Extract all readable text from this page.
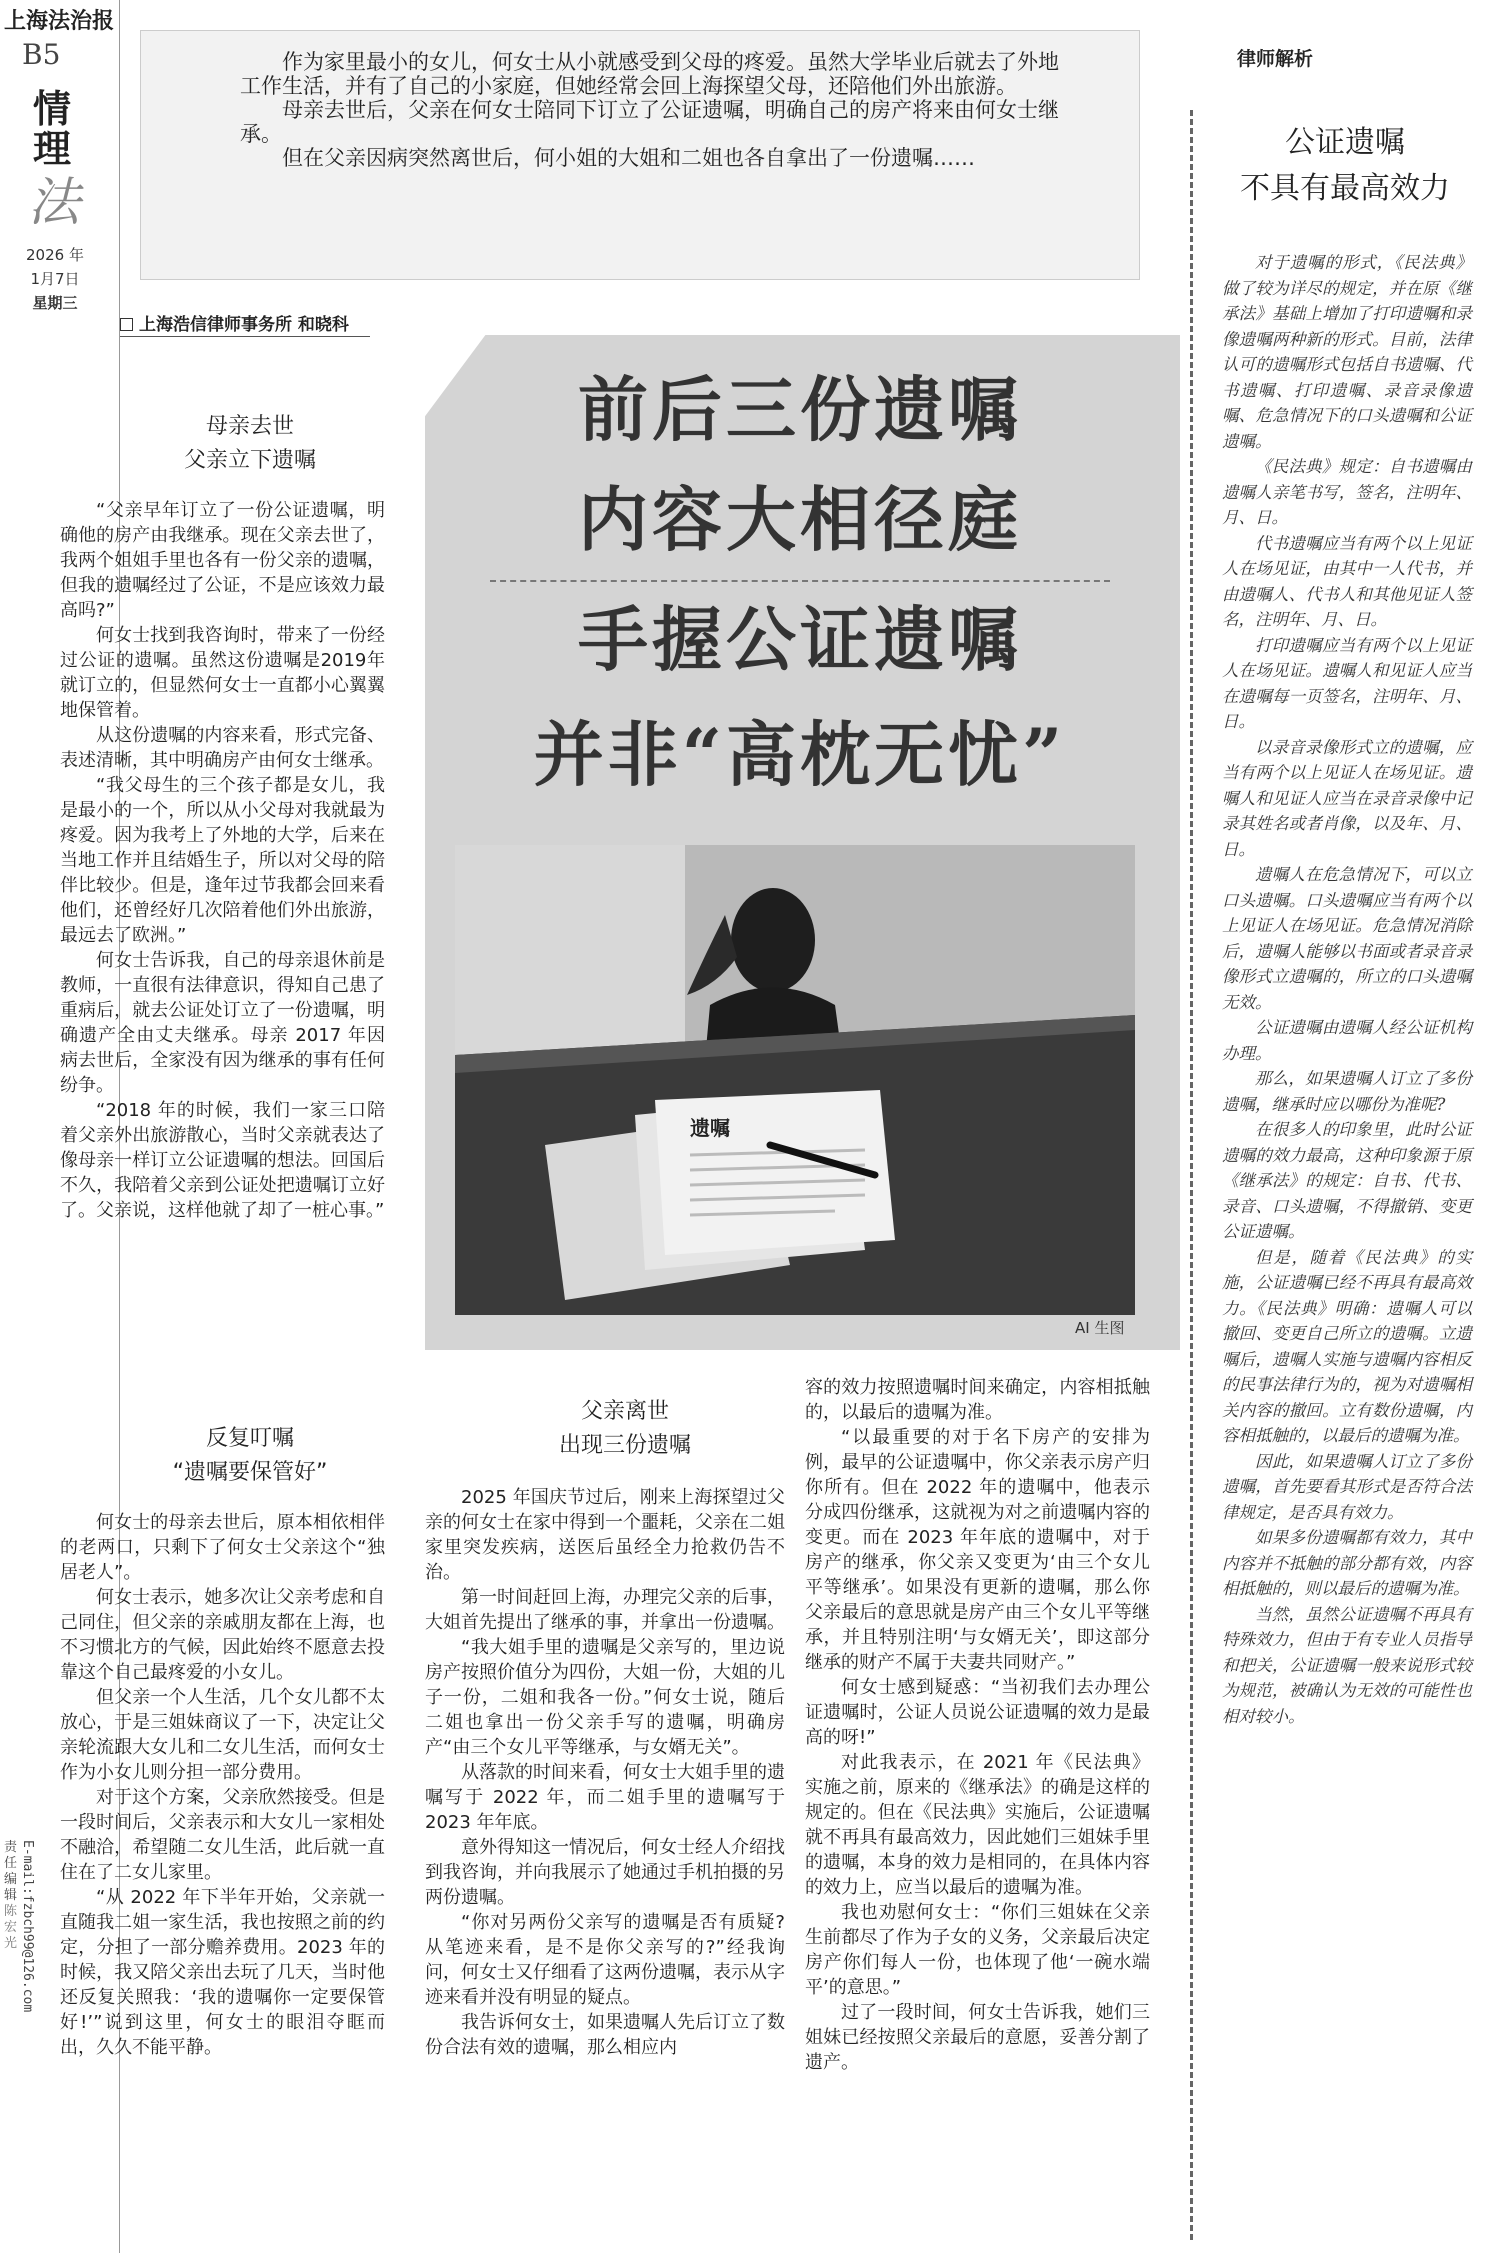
上海法治报
B5
情
理
法
2026 年
1月7日
星期三
责任编辑
陈宏光 E-mail:fzbch99@126.com

作为家里最小的女儿，何女士从小就感受到父母的疼爱。虽然大学毕业后就去了外地工作生活，并有了自己的小家庭，但她经常会回上海探望父母，还陪他们外出旅游。

母亲去世后，父亲在何女士陪同下订立了公证遗嘱，明确自己的房产将来由何女士继承。

但在父亲因病突然离世后，何小姐的大姐和二姐也各自拿出了一份遗嘱……

上海浩信律师事务所 和晓科
前后三份遗嘱
内容大相径庭
手握公证遗嘱
并非“高枕无忧”
遗嘱
AI 生图
母亲去世
父亲立下遗嘱

“父亲早年订立了一份公证遗嘱，明确他的房产由我继承。现在父亲去世了，我两个姐姐手里也各有一份父亲的遗嘱，但我的遗嘱经过了公证，不是应该效力最高吗?”

何女士找到我咨询时，带来了一份经过公证的遗嘱。虽然这份遗嘱是2019年就订立的，但显然何女士一直都小心翼翼地保管着。

从这份遗嘱的内容来看，形式完备、表述清晰，其中明确房产由何女士继承。

“我父母生的三个孩子都是女儿，我是最小的一个，所以从小父母对我就最为疼爱。因为我考上了外地的大学，后来在当地工作并且结婚生子，所以对父母的陪伴比较少。但是，逢年过节我都会回来看他们，还曾经好几次陪着他们外出旅游，最远去了欧洲。”

何女士告诉我，自己的母亲退休前是教师，一直很有法律意识，得知自己患了重病后，就去公证处订立了一份遗嘱，明确遗产全由丈夫继承。母亲 2017 年因病去世后，全家没有因为继承的事有任何纷争。

“2018 年的时候，我们一家三口陪着父亲外出旅游散心，当时父亲就表达了像母亲一样订立公证遗嘱的想法。回国后不久，我陪着父亲到公证处把遗嘱订立好了。父亲说，这样他就了却了一桩心事。”

反复叮嘱
“遗嘱要保管好”

何女士的母亲去世后，原本相依相伴的老两口，只剩下了何女士父亲这个“独居老人”。

何女士表示，她多次让父亲考虑和自己同住，但父亲的亲戚朋友都在上海，也不习惯北方的气候，因此始终不愿意去投靠这个自己最疼爱的小女儿。

但父亲一个人生活，几个女儿都不太放心，于是三姐妹商议了一下，决定让父亲轮流跟大女儿和二女儿生活，而何女士作为小女儿则分担一部分费用。

对于这个方案，父亲欣然接受。但是一段时间后，父亲表示和大女儿一家相处不融洽，希望随二女儿生活，此后就一直住在了二女儿家里。

“从 2022 年下半年开始，父亲就一直随我二姐一家生活，我也按照之前的约定，分担了一部分赡养费用。2023 年的时候，我又陪父亲出去玩了几天，当时他还反复关照我：‘我的遗嘱你一定要保管好!’”说到这里，何女士的眼泪夺眶而出，久久不能平静。

父亲离世
出现三份遗嘱

2025 年国庆节过后，刚来上海探望过父亲的何女士在家中得到一个噩耗，父亲在二姐家里突发疾病，送医后虽经全力抢救仍告不治。

第一时间赶回上海，办理完父亲的后事，大姐首先提出了继承的事，并拿出一份遗嘱。

“我大姐手里的遗嘱是父亲写的，里边说房产按照价值分为四份，大姐一份，大姐的儿子一份，二姐和我各一份。”何女士说，随后二姐也拿出一份父亲手写的遗嘱，明确房产“由三个女儿平等继承，与女婿无关”。

从落款的时间来看，何女士大姐手里的遗嘱写于 2022 年，而二姐手里的遗嘱写于 2023 年年底。

意外得知这一情况后，何女士经人介绍找到我咨询，并向我展示了她通过手机拍摄的另两份遗嘱。

“你对另两份父亲写的遗嘱是否有质疑? 从笔迹来看，是不是你父亲写的?”经我询问，何女士又仔细看了这两份遗嘱，表示从字迹来看并没有明显的疑点。

我告诉何女士，如果遗嘱人先后订立了数份合法有效的遗嘱，那么相应内

容的效力按照遗嘱时间来确定，内容相抵触的，以最后的遗嘱为准。

“以最重要的对于名下房产的安排为例，最早的公证遗嘱中，你父亲表示房产归你所有。但在 2022 年的遗嘱中，他表示分成四份继承，这就视为对之前遗嘱内容的变更。而在 2023 年年底的遗嘱中，对于房产的继承，你父亲又变更为‘由三个女儿平等继承’。如果没有更新的遗嘱，那么你父亲最后的意思就是房产由三个女儿平等继承，并且特别注明‘与女婿无关’，即这部分继承的财产不属于夫妻共同财产。”

何女士感到疑惑：“当初我们去办理公证遗嘱时，公证人员说公证遗嘱的效力是最高的呀!”

对此我表示，在 2021 年《民法典》实施之前，原来的《继承法》的确是这样的规定的。但在《民法典》实施后，公证遗嘱就不再具有最高效力，因此她们三姐妹手里的遗嘱，本身的效力是相同的，在具体内容的效力上，应当以最后的遗嘱为准。

我也劝慰何女士：“你们三姐妹在父亲生前都尽了作为子女的义务，父亲最后决定房产你们每人一份，也体现了他‘一碗水端平’的意思。”

过了一段时间，何女士告诉我，她们三姐妹已经按照父亲最后的意愿，妥善分割了遗产。

律师解析
公证遗嘱
不具有最高效力

对于遗嘱的形式，《民法典》做了较为详尽的规定，并在原《继承法》基础上增加了打印遗嘱和录像遗嘱两种新的形式。目前，法律认可的遗嘱形式包括自书遗嘱、代书遗嘱、打印遗嘱、录音录像遗嘱、危急情况下的口头遗嘱和公证遗嘱。

《民法典》规定：自书遗嘱由遗嘱人亲笔书写，签名，注明年、月、日。

代书遗嘱应当有两个以上见证人在场见证，由其中一人代书，并由遗嘱人、代书人和其他见证人签名，注明年、月、日。

打印遗嘱应当有两个以上见证人在场见证。遗嘱人和见证人应当在遗嘱每一页签名，注明年、月、日。

以录音录像形式立的遗嘱，应当有两个以上见证人在场见证。遗嘱人和见证人应当在录音录像中记录其姓名或者肖像，以及年、月、日。

遗嘱人在危急情况下，可以立口头遗嘱。口头遗嘱应当有两个以上见证人在场见证。危急情况消除后，遗嘱人能够以书面或者录音录像形式立遗嘱的，所立的口头遗嘱无效。

公证遗嘱由遗嘱人经公证机构办理。

那么，如果遗嘱人订立了多份遗嘱，继承时应以哪份为准呢?

在很多人的印象里，此时公证遗嘱的效力最高，这种印象源于原《继承法》的规定：自书、代书、录音、口头遗嘱，不得撤销、变更公证遗嘱。

但是，随着《民法典》的实施，公证遗嘱已经不再具有最高效力。《民法典》明确：遗嘱人可以撤回、变更自己所立的遗嘱。立遗嘱后，遗嘱人实施与遗嘱内容相反的民事法律行为的，视为对遗嘱相关内容的撤回。立有数份遗嘱，内容相抵触的，以最后的遗嘱为准。

因此，如果遗嘱人订立了多份遗嘱，首先要看其形式是否符合法律规定，是否具有效力。

如果多份遗嘱都有效力，其中内容并不抵触的部分都有效，内容相抵触的，则以最后的遗嘱为准。

当然，虽然公证遗嘱不再具有特殊效力，但由于有专业人员指导和把关，公证遗嘱一般来说形式较为规范，被确认为无效的可能性也相对较小。
